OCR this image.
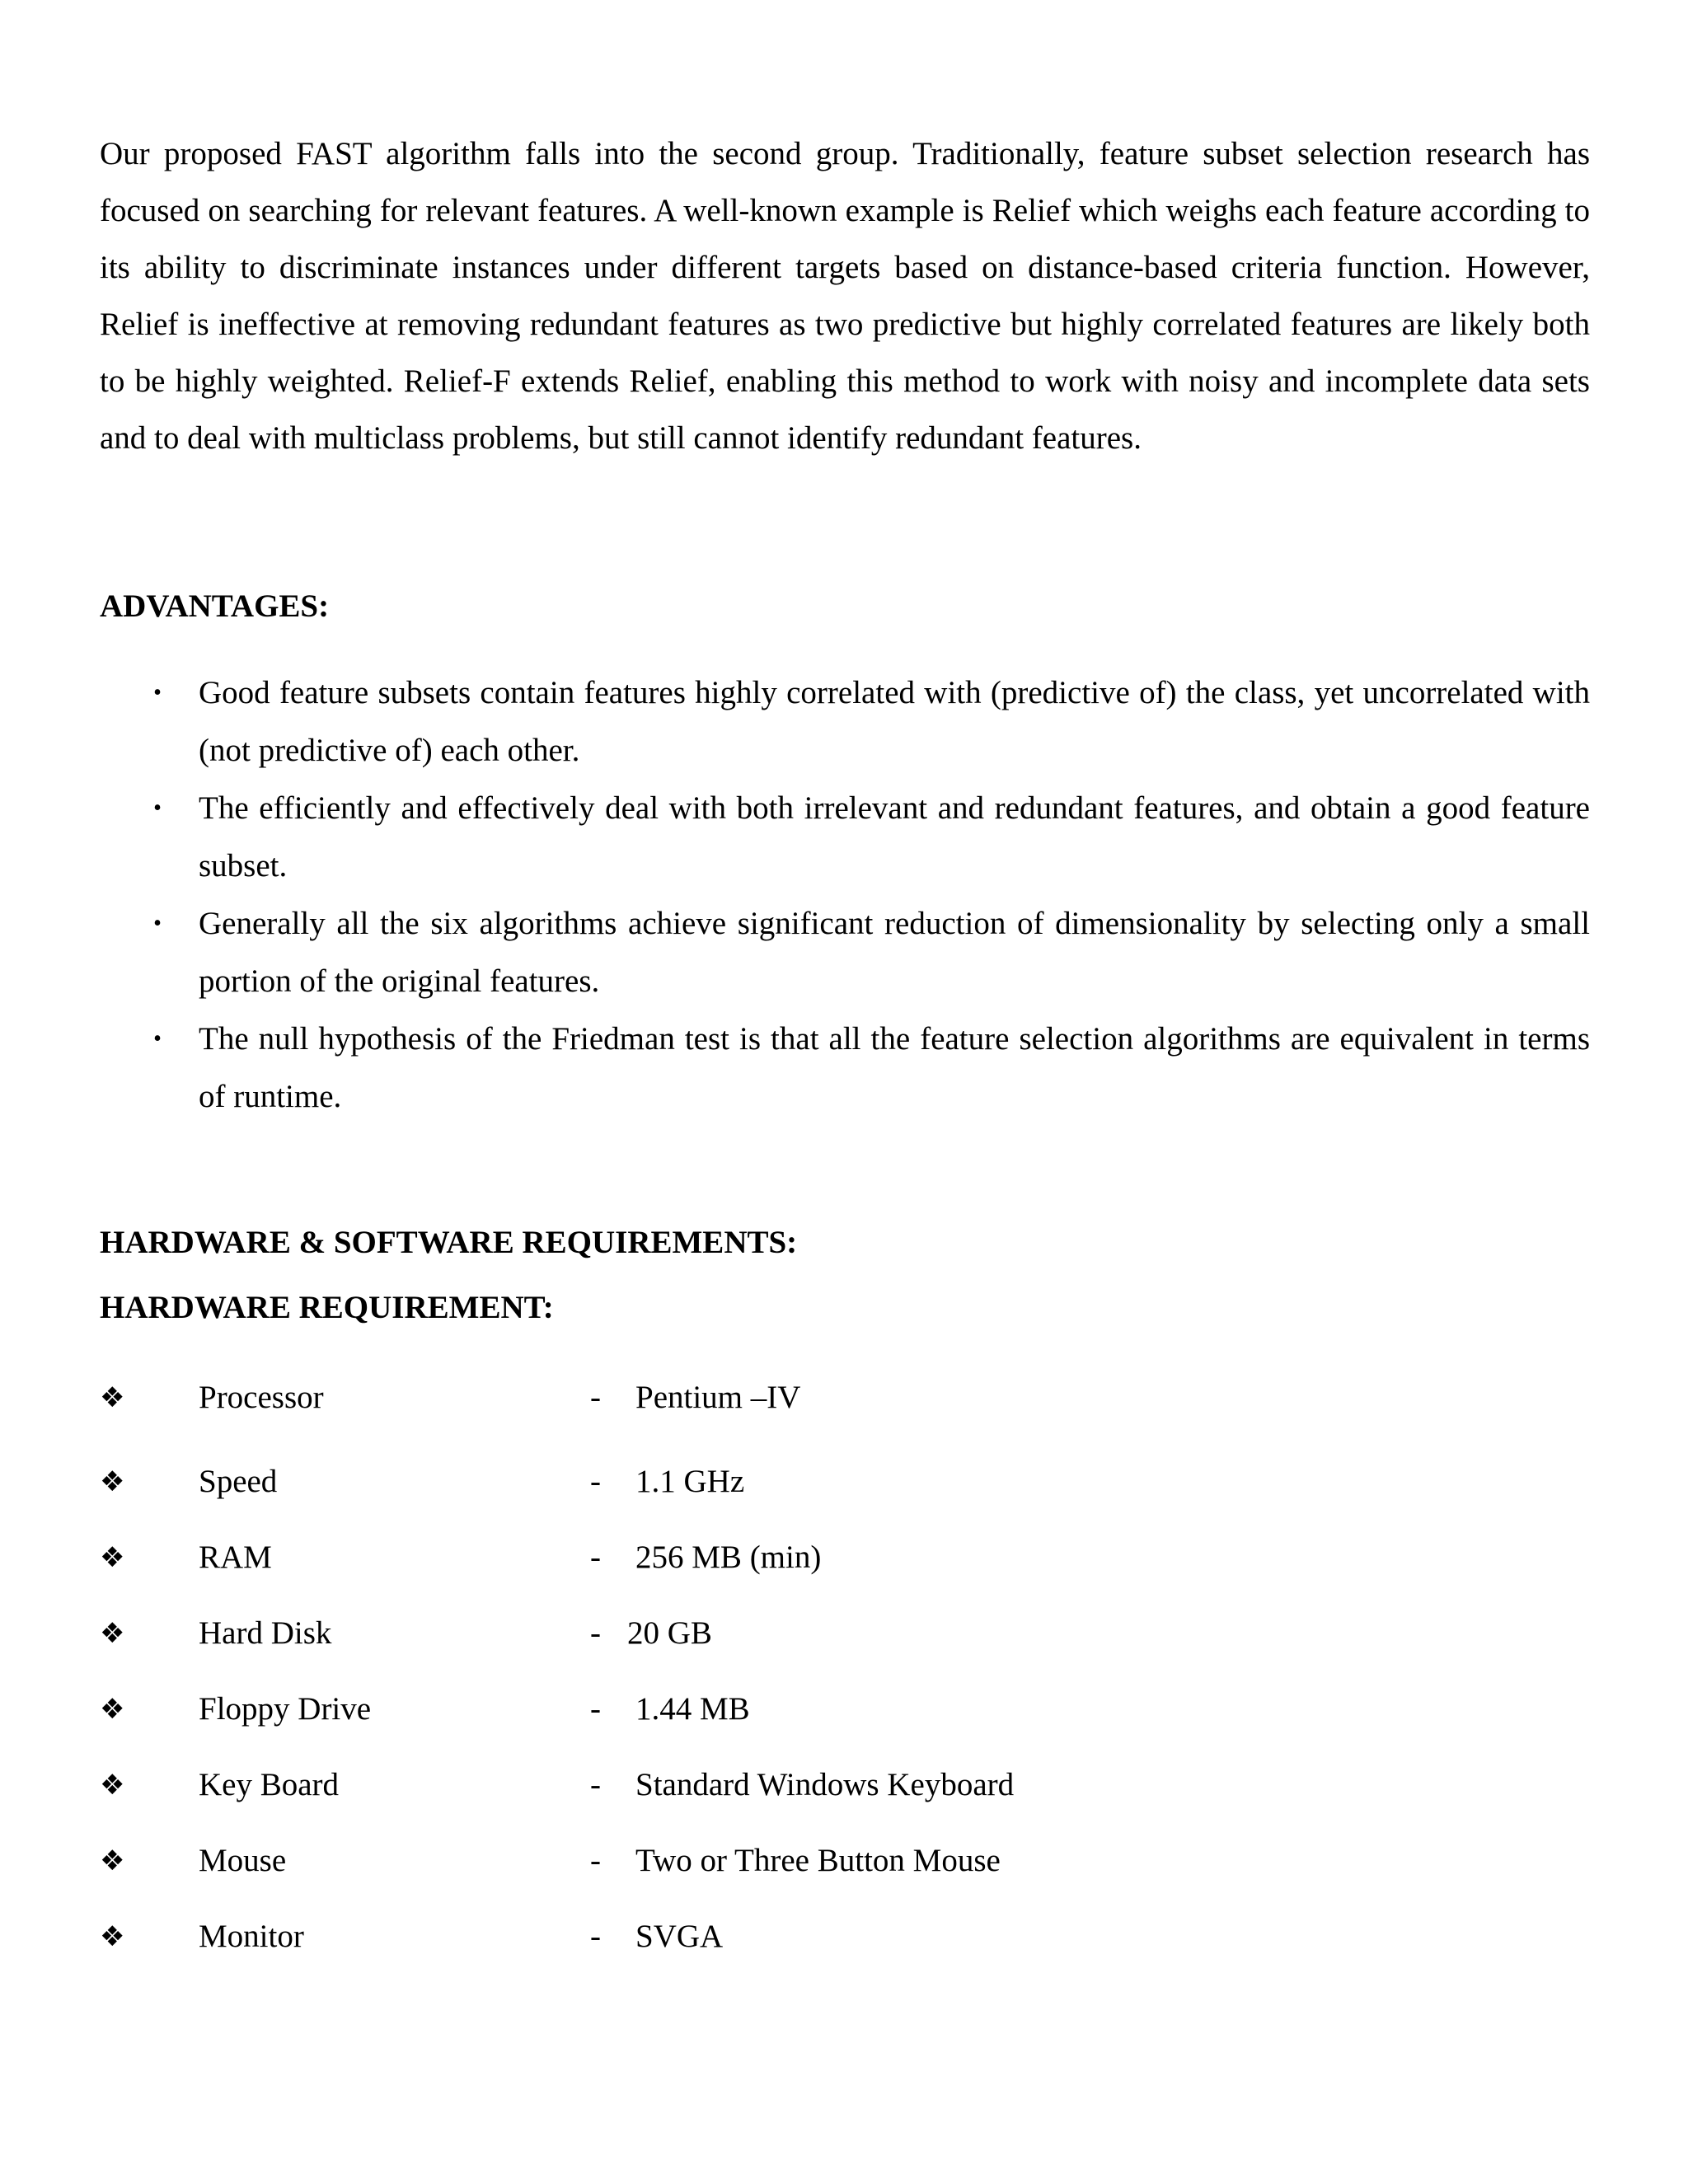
Our proposed FAST algorithm falls into the second group. Traditionally, feature subset selection research has focused on searching for relevant features. A well-known example is Relief which weighs each feature according to its ability to discriminate instances under different targets based on distance-based criteria function. However, Relief is ineffective at removing redundant features as two predictive but highly correlated features are likely both to be highly weighted. Relief-F extends Relief, enabling this method to work with noisy and incomplete data sets and to deal with multiclass problems, but still cannot identify redundant features.

ADVANTAGES:
• Good feature subsets contain features highly correlated with (predictive of) the class, yet uncorrelated with (not predictive of) each other.
• The efficiently and effectively deal with both irrelevant and redundant features, and obtain a good feature subset.
• Generally all the six algorithms achieve significant reduction of dimensionality by selecting only a small portion of the original features.
• The null hypothesis of the Friedman test is that all the feature selection algorithms are equivalent in terms of runtime.
HARDWARE & SOFTWARE REQUIREMENTS:
HARDWARE REQUIREMENT:
❖ Processor	- Pentium –IV
❖ Speed	- 1.1 GHz
❖ RAM	- 256 MB (min)
❖ Hard Disk	- 20 GB
❖ Floppy Drive	- 1.44 MB
❖ Key Board	- Standard Windows Keyboard
❖ Mouse	- Two or Three Button Mouse
❖ Monitor	- SVGA
